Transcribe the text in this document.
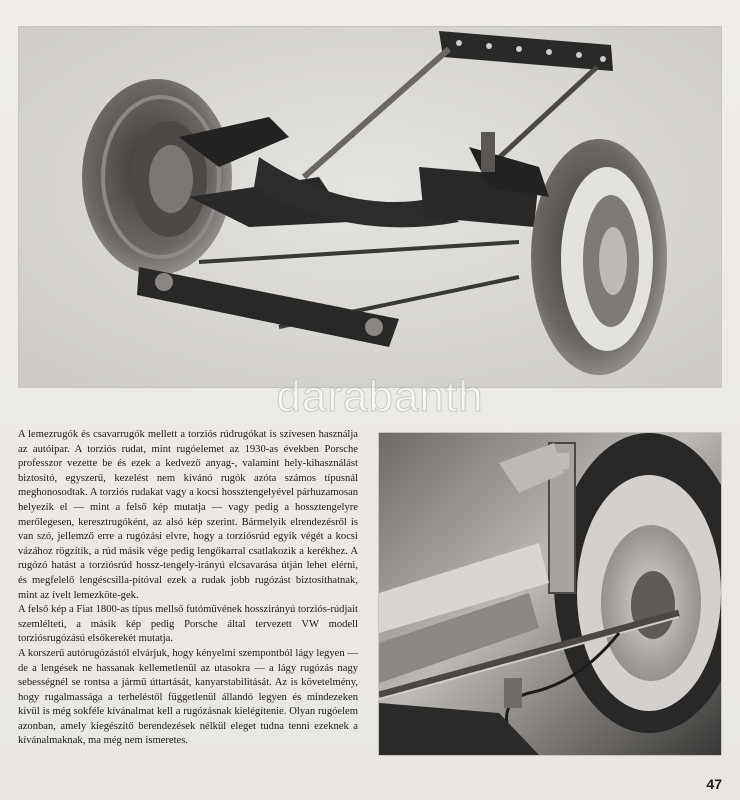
darabanth

A lemezrugók és csavarrugók mellett a torziós rúdrugókat is szívesen használja az autóipar. A torziós rudat, mint rugóelemet az 1930-as években Porsche professzor vezette be és ezek a kedvező anyag-, valamint hely-kihasználást biztosító, egyszerű, kezelést nem kívánó rugók azóta számos típusnál meghonosodtak. A torziós rudakat vagy a kocsi hossztengelyével párhuzamosan helyezik el — mint a felső kép mutatja — vagy pedig a hossztengelyre merőlegesen, keresztrugóként, az alsó kép szerint. Bármelyik elrendezésről is van szó, jellemző erre a rugózási elvre, hogy a torziósrúd egyik végét a kocsi vázához rögzítik, a rúd másik vége pedig lengőkarral csatlakozik a kerékhez. A rugózó hatást a torziósrúd hossz-tengely-irányú elcsavarása útján lehet elérni, és megfelelő lengéscsilla-pítóval ezek a rudak jobb rugózást biztosíthatnak, mint az ívelt lemezköte-gek.

A felső kép a Fiat 1800-as típus mellső futóművének hosszirányú torziós-rúdjait szemlélteti, a másik kép pedig Porsche által tervezett VW modell torziósrugózású elsőkerekét mutatja.

A korszerű autórugózástól elvárjuk, hogy kényelmi szempontból lágy legyen — de a lengések ne hassanak kellemetlenül az utasokra — a lágy rugózás nagy sebességnél se rontsa a jármű úttartását, kanyarstabilitását. Az is követelmény, hogy rugalmassága a terheléstől függetlenül állandó legyen és mindezeken kívül is még sokféle kívánalmat kell a rugózásnak kielégítenie. Olyan rugóelem azonban, amely kiegészítő berendezések nélkül eleget tudna tenni ezeknek a kívánalmaknak, ma még nem ismeretes.

47
